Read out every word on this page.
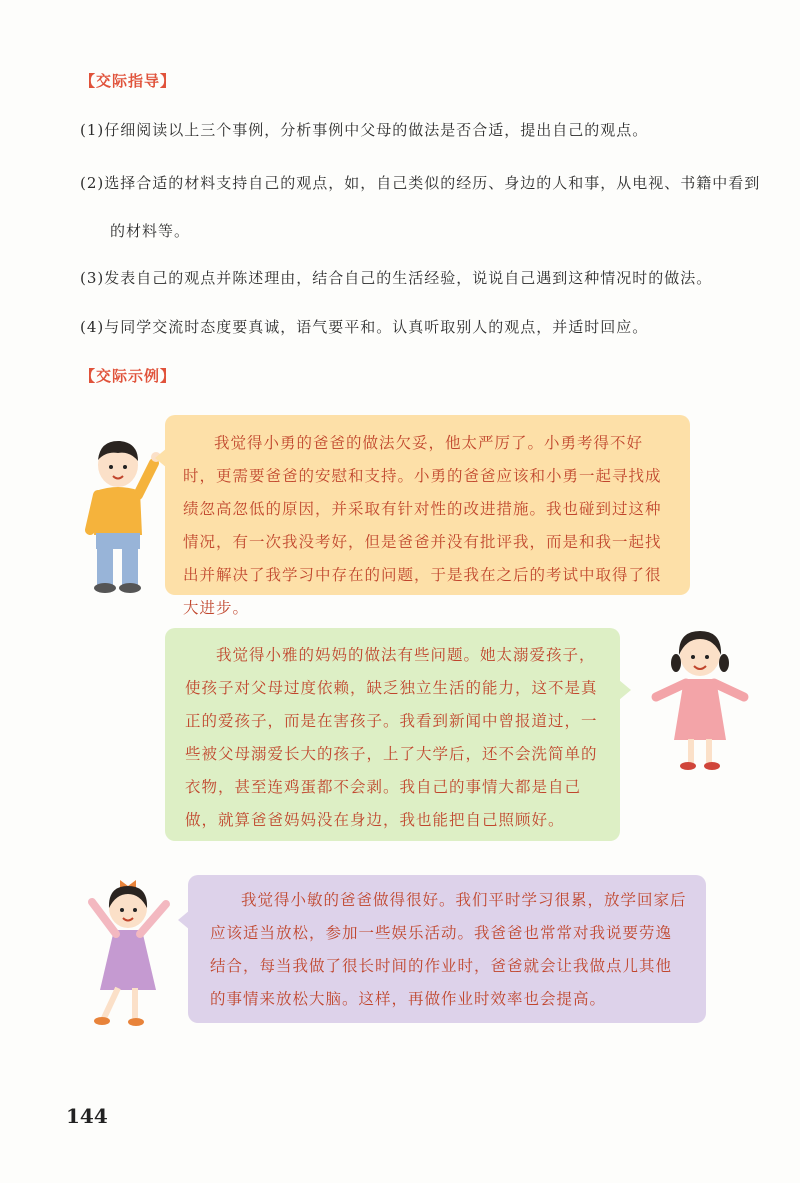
【交际指导】

(1)仔细阅读以上三个事例，分析事例中父母的做法是否合适，提出自己的观点。

(2)选择合适的材料支持自己的观点，如，自己类似的经历、身边的人和事，从电视、书籍中看到

的材料等。

(3)发表自己的观点并陈述理由，结合自己的生活经验，说说自己遇到这种情况时的做法。

(4)与同学交流时态度要真诚，语气要平和。认真听取别人的观点，并适时回应。

【交际示例】

我觉得小勇的爸爸的做法欠妥，他太严厉了。小勇考得不好时，更需要爸爸的安慰和支持。小勇的爸爸应该和小勇一起寻找成绩忽高忽低的原因，并采取有针对性的改进措施。我也碰到过这种情况，有一次我没考好，但是爸爸并没有批评我，而是和我一起找出并解决了我学习中存在的问题，于是我在之后的考试中取得了很大进步。

我觉得小雅的妈妈的做法有些问题。她太溺爱孩子，使孩子对父母过度依赖，缺乏独立生活的能力，这不是真正的爱孩子，而是在害孩子。我看到新闻中曾报道过，一些被父母溺爱长大的孩子，上了大学后，还不会洗简单的衣物，甚至连鸡蛋都不会剥。我自己的事情大都是自己做，就算爸爸妈妈没在身边，我也能把自己照顾好。

我觉得小敏的爸爸做得很好。我们平时学习很累，放学回家后应该适当放松，参加一些娱乐活动。我爸爸也常常对我说要劳逸结合，每当我做了很长时间的作业时，爸爸就会让我做点儿其他的事情来放松大脑。这样，再做作业时效率也会提高。

144
